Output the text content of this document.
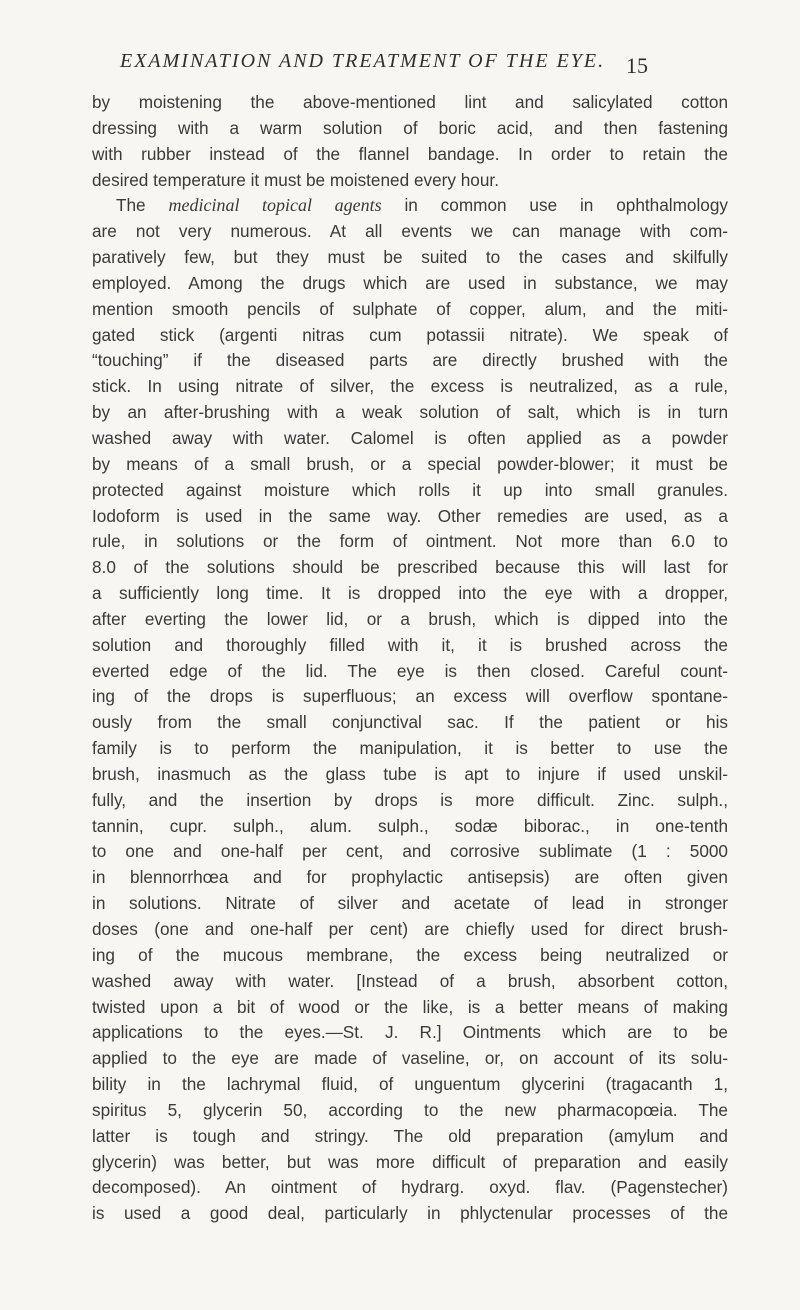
EXAMINATION AND TREATMENT OF THE EYE. 15
by moistening the above-mentioned lint and salicylated cotton
dressing with a warm solution of boric acid, and then fastening
with rubber instead of the flannel bandage. In order to retain the
desired temperature it must be moistened every hour.
The medicinal topical agents in common use in ophthalmology
are not very numerous. At all events we can manage with com-
paratively few, but they must be suited to the cases and skilfully
employed. Among the drugs which are used in substance, we may
mention smooth pencils of sulphate of copper, alum, and the miti-
gated stick (argenti nitras cum potassii nitrate). We speak of
“touching” if the diseased parts are directly brushed with the
stick. In using nitrate of silver, the excess is neutralized, as a rule,
by an after-brushing with a weak solution of salt, which is in turn
washed away with water. Calomel is often applied as a powder
by means of a small brush, or a special powder-blower; it must be
protected against moisture which rolls it up into small granules.
Iodoform is used in the same way. Other remedies are used, as a
rule, in solutions or the form of ointment. Not more than 6.0 to
8.0 of the solutions should be prescribed because this will last for
a sufficiently long time. It is dropped into the eye with a dropper,
after everting the lower lid, or a brush, which is dipped into the
solution and thoroughly filled with it, it is brushed across the
everted edge of the lid. The eye is then closed. Careful count-
ing of the drops is superfluous; an excess will overflow spontane-
ously from the small conjunctival sac. If the patient or his
family is to perform the manipulation, it is better to use the
brush, inasmuch as the glass tube is apt to injure if used unskil-
fully, and the insertion by drops is more difficult. Zinc. sulph.,
tannin, cupr. sulph., alum. sulph., sodæ biborac., in one-tenth
to one and one-half per cent, and corrosive sublimate (1 : 5000
in blennorrhœa and for prophylactic antisepsis) are often given
in solutions. Nitrate of silver and acetate of lead in stronger
doses (one and one-half per cent) are chiefly used for direct brush-
ing of the mucous membrane, the excess being neutralized or
washed away with water. [Instead of a brush, absorbent cotton,
twisted upon a bit of wood or the like, is a better means of making
applications to the eyes.—St. J. R.] Ointments which are to be
applied to the eye are made of vaseline, or, on account of its solu-
bility in the lachrymal fluid, of unguentum glycerini (tragacanth 1,
spiritus 5, glycerin 50, according to the new pharmacopœia. The
latter is tough and stringy. The old preparation (amylum and
glycerin) was better, but was more difficult of preparation and easily
decomposed). An ointment of hydrarg. oxyd. flav. (Pagenstecher)
is used a good deal, particularly in phlyctenular processes of the
